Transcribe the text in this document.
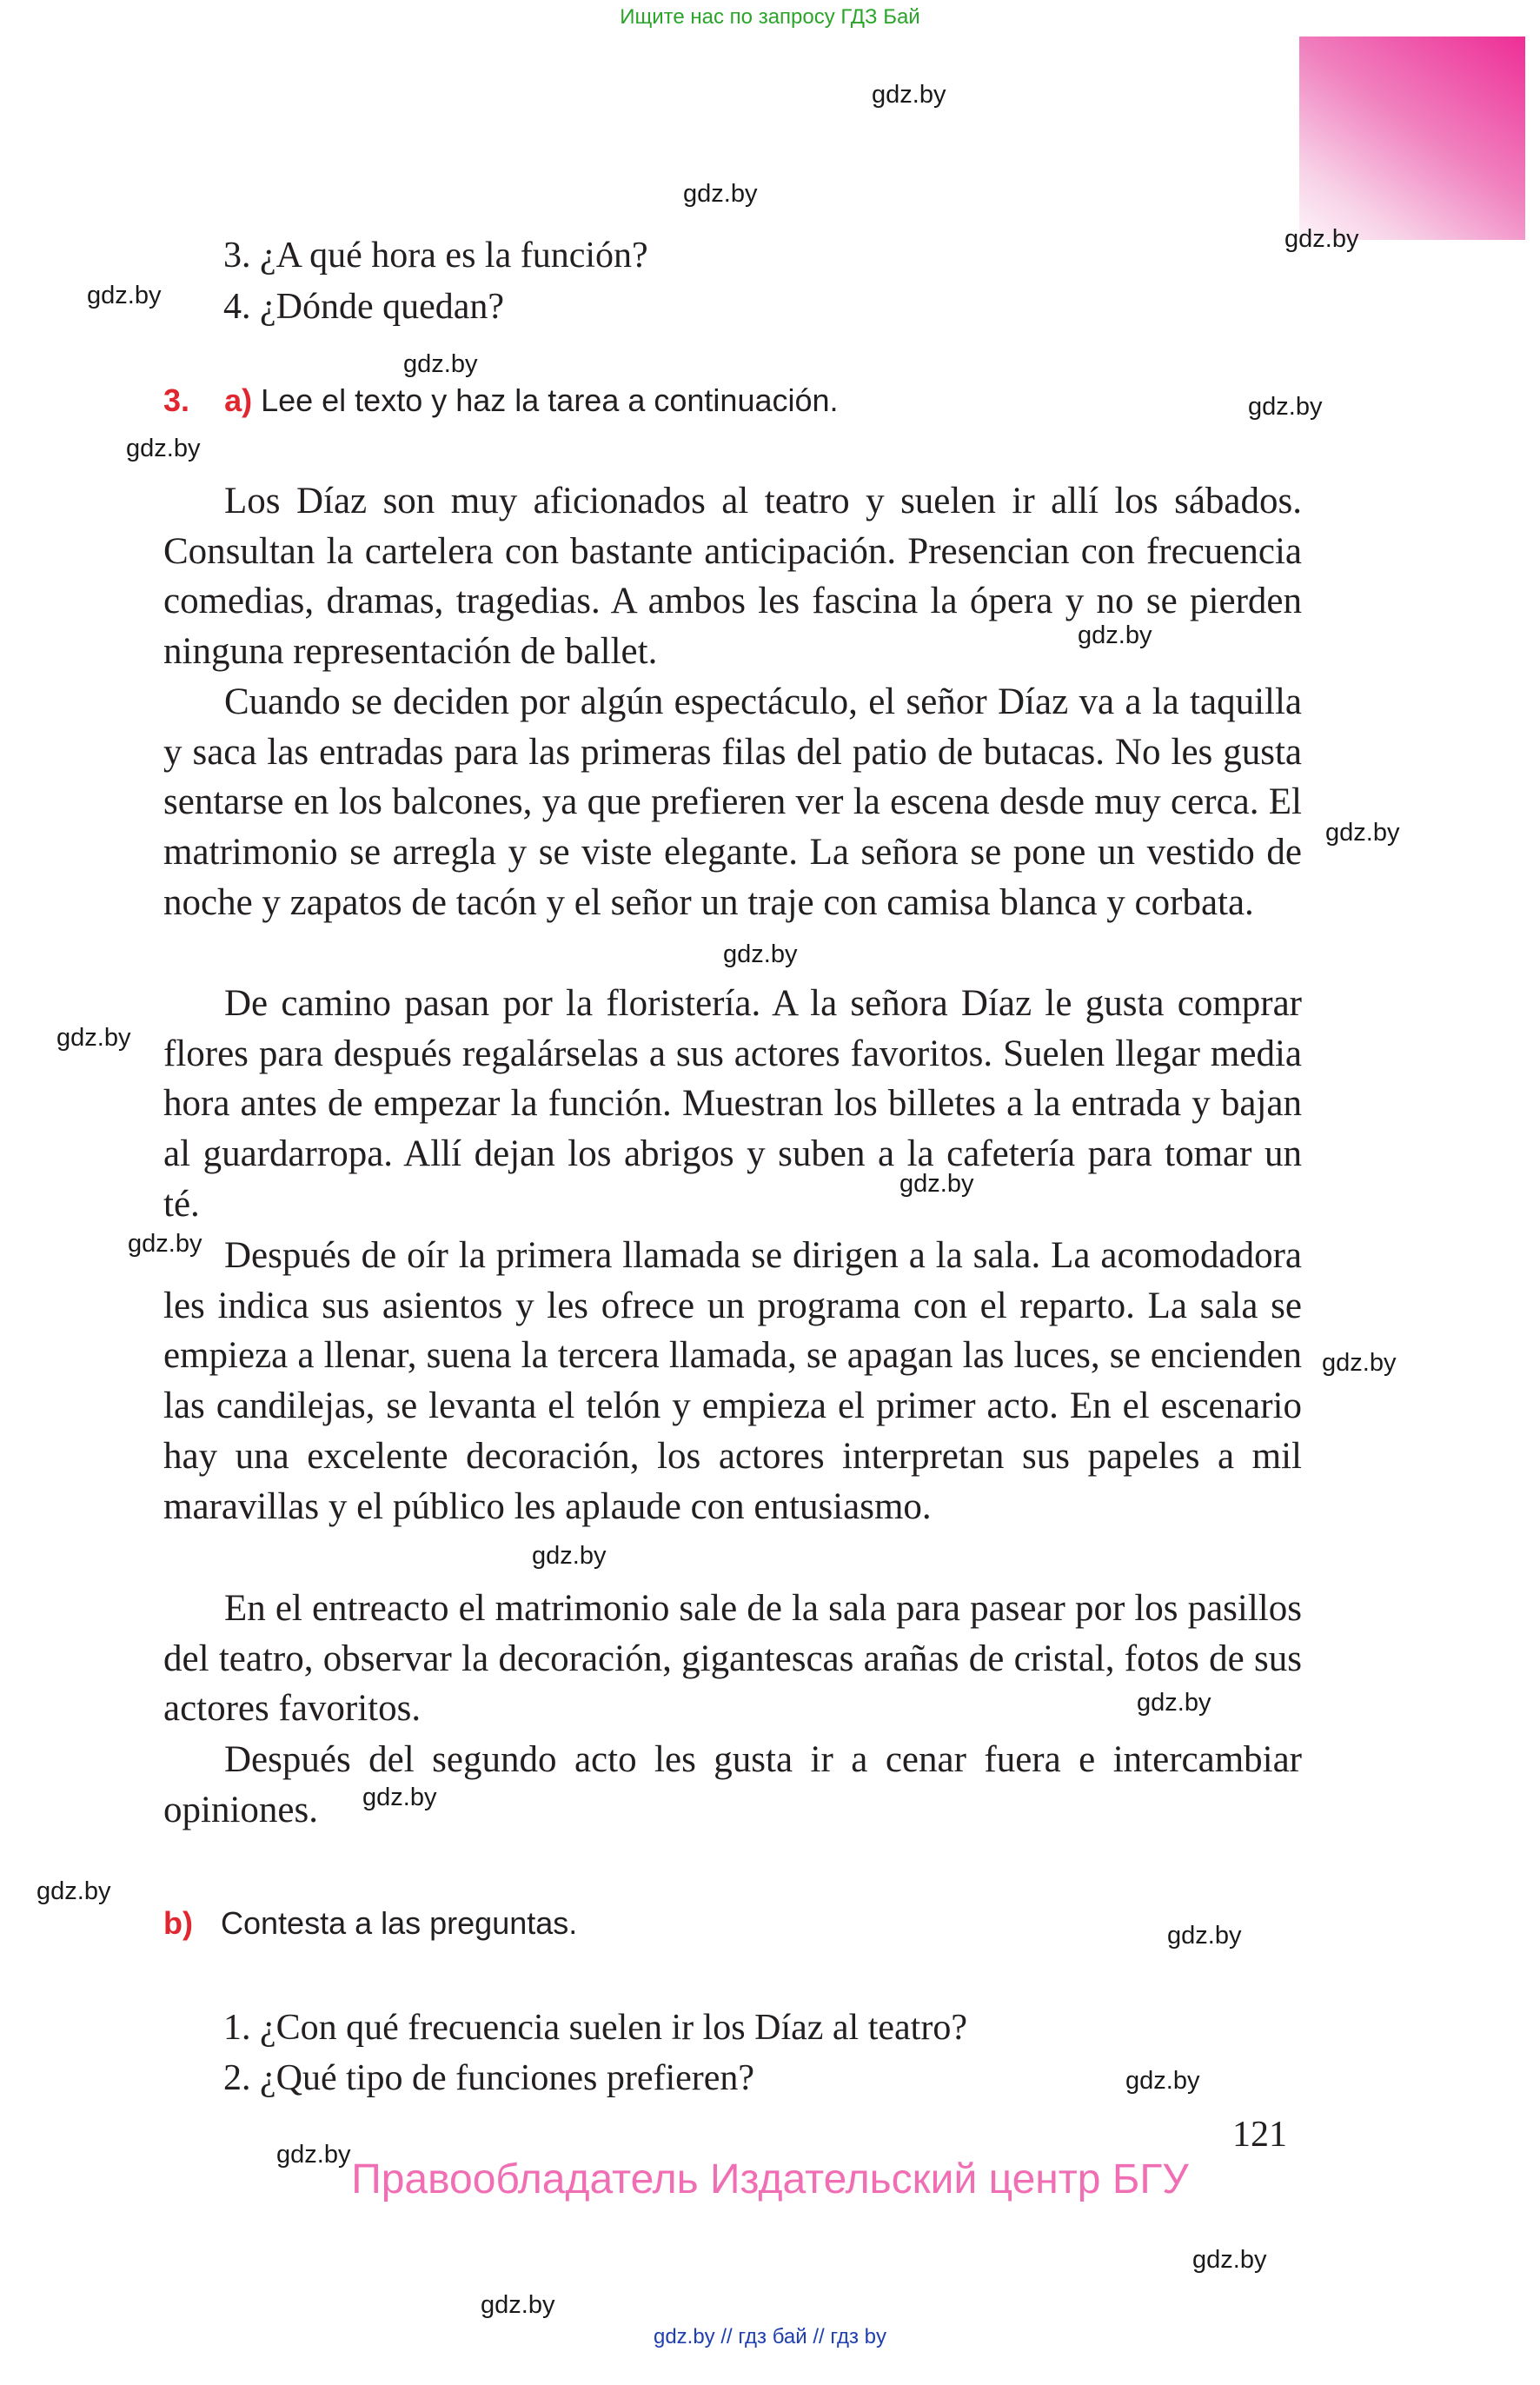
Ищите нас по запросу ГДЗ Бай
3. ¿A qué hora es la función?
4. ¿Dónde quedan?
3. a) Lee el texto y haz la tarea a continuación.

Los Díaz son muy aficionados al teatro y suelen ir allí los sábados. Consultan la cartelera con bastante anticipación. Presencian con frecuencia comedias, dramas, tragedias. A ambos les fascina la ópera y no se pierden ninguna representación de ballet.

Cuando se deciden por algún espectáculo, el señor Díaz va a la taquilla y saca las entradas para las primeras filas del patio de butacas. No les gusta sentarse en los balcones, ya que prefieren ver la escena desde muy cerca. El matrimonio se arregla y se viste elegante. La señora se pone un vestido de noche y zapatos de tacón y el señor un traje con camisa blanca y corbata.

De camino pasan por la floristería. A la señora Díaz le gusta comprar flores para después regalárselas a sus actores favoritos. Suelen llegar media hora antes de empezar la función. Muestran los billetes a la entrada y bajan al guardarropa. Allí dejan los abrigos y suben a la cafetería para tomar un té.

Después de oír la primera llamada se dirigen a la sala. La acomodadora les indica sus asientos y les ofrece un programa con el reparto. La sala se empieza a llenar, suena la tercera llamada, se apagan las luces, se encienden las candilejas, se levanta el telón y empieza el primer acto. En el escenario hay una excelente decoración, los actores interpretan sus papeles a mil maravillas y el público les aplaude con entusiasmo.

En el entreacto el matrimonio sale de la sala para pasear por los pasillos del teatro, observar la decoración, gigantescas arañas de cristal, fotos de sus actores favoritos.

Después del segundo acto les gusta ir a cenar fuera e intercambiar opiniones.

b) Contesta a las preguntas.
1. ¿Con qué frecuencia suelen ir los Díaz al teatro?
2. ¿Qué tipo de funciones prefieren?
121
Правообладатель Издательский центр БГУ
gdz.by
gdz.by
gdz.by
gdz.by
gdz.by
gdz.by
gdz.by
gdz.by
gdz.by
gdz.by
gdz.by
gdz.by
gdz.by
gdz.by
gdz.by
gdz.by
gdz.by
gdz.by
gdz.by
gdz.by
gdz.by
gdz.by
gdz.by
gdz.by // гдз бай // гдз by
